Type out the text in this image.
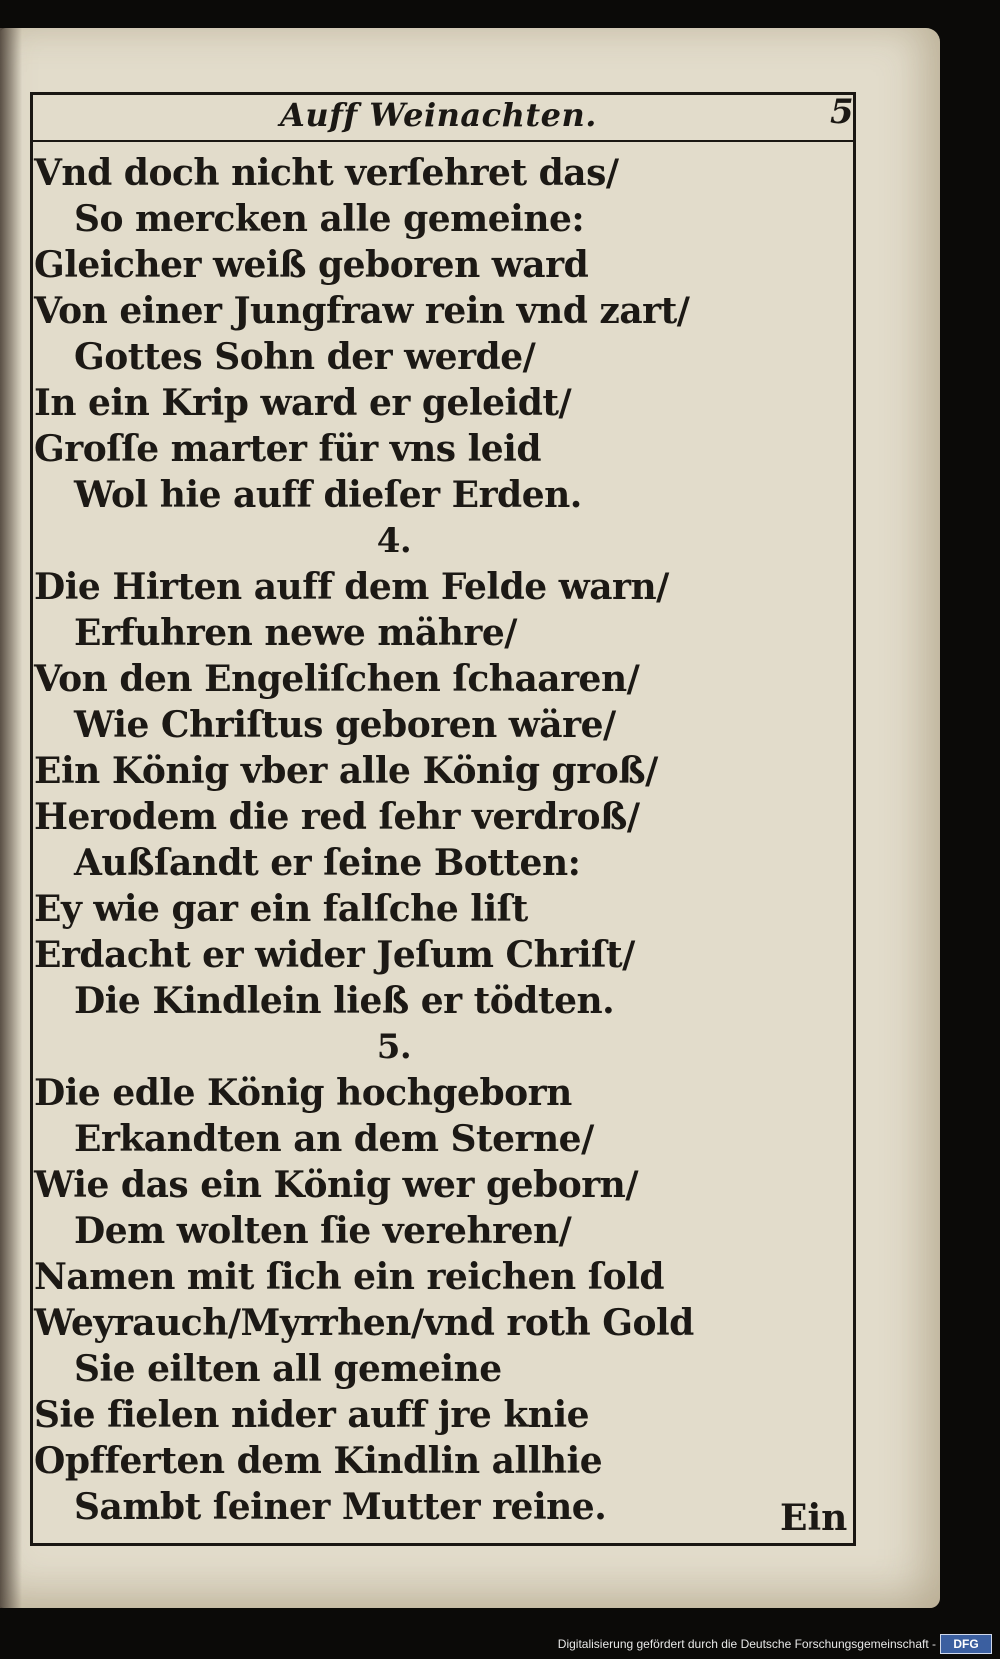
Auff Weinachten.	5
Vnd doch nicht verſehret das/
So mercken alle gemeine:
Gleicher weiß geboren ward
Von einer Jungfraw rein vnd zart/
Gottes Sohn der werde/
In ein Krip ward er geleidt/
Groſſe marter für vns leid
Wol hie auff dieſer Erden.
4.
Die Hirten auff dem Felde warn/
Erfuhren newe mähre/
Von den Engeliſchen ſchaaren/
Wie Chriſtus geboren wäre/
Ein König vber alle König groß/
Herodem die red ſehr verdroß/
Außſandt er ſeine Botten:
Ey wie gar ein falſche liſt
Erdacht er wider Jeſum Chriſt/
Die Kindlein ließ er tödten.
5.
Die edle König hochgeborn
Erkandten an dem Sterne/
Wie das ein König wer geborn/
Dem wolten ſie verehren/
Namen mit ſich ein reichen ſold
Weyrauch/Myrrhen/vnd roth Gold
Sie eilten all gemeine
Sie fielen nider auff jre knie
Opfferten dem Kindlin allhie
Sambt ſeiner Mutter reine.	Ein
Digitalisierung gefördert durch die Deutsche Forschungsgemeinschaft -	DFG
